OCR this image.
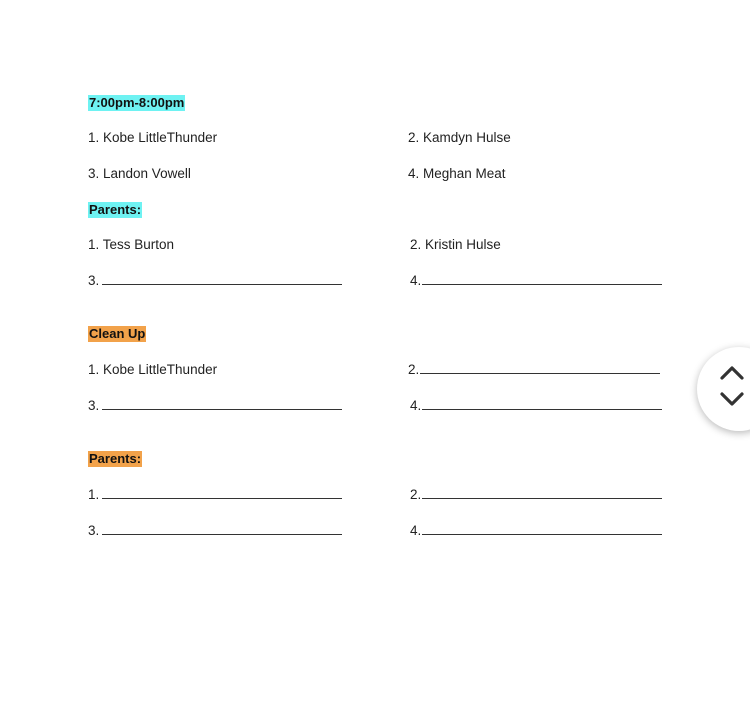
7:00pm-8:00pm
1. Kobe LittleThunder	2. Kamdyn Hulse
3. Landon Vowell	4. Meghan Meat
Parents:
1. Tess Burton	2. Kristin Hulse
3.	4.
Clean Up
1. Kobe LittleThunder	2.
3.	4.
Parents:
1.	2.
3.	4.
